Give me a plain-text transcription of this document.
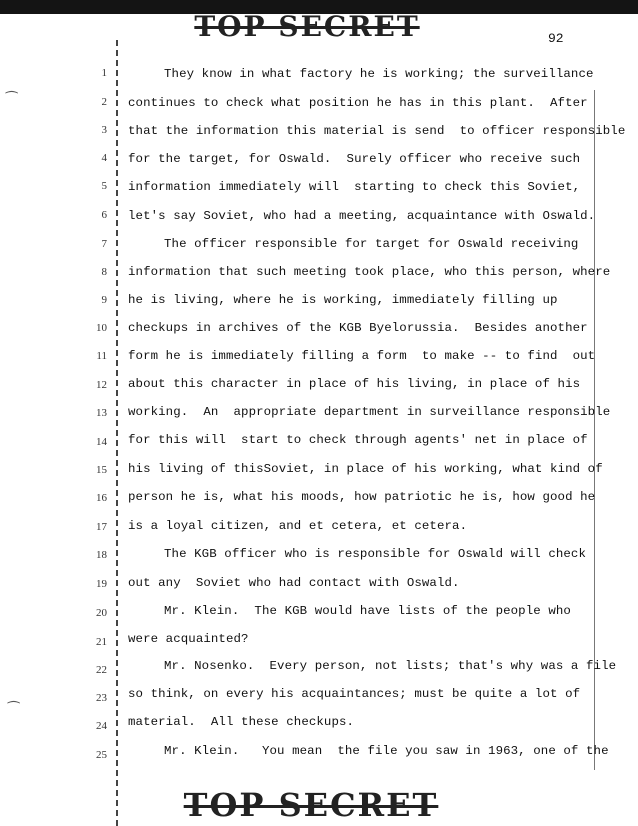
TOP SECRET	92
⁀
⁀
1
2
3
4
5
6
7
8
9
10
11
12
13
14
15
16
17
18
19
20
21
22
23
24
25
They know in what factory he is working; the surveillance
continues to check what position he has in this plant.  After
that the information this material is send  to officer responsible
for the target, for Oswald.  Surely officer who receive such
information immediately will  starting to check this Soviet,
let's say Soviet, who had a meeting, acquaintance with Oswald.
The officer responsible for target for Oswald receiving
information that such meeting took place, who this person, where
he is living, where he is working, immediately filling up
checkups in archives of the KGB Byelorussia.  Besides another
form he is immediately filling a form  to make -- to find  out
about this character in place of his living, in place of his
working.  An  appropriate department in surveillance responsible
for this will  start to check through agents' net in place of
his living of thisSoviet, in place of his working, what kind of
person he is, what his moods, how patriotic he is, how good he
is a loyal citizen, and et cetera, et cetera.
The KGB officer who is responsible for Oswald will check
out any  Soviet who had contact with Oswald.
Mr. Klein.  The KGB would have lists of the people who
were acquainted?
Mr. Nosenko.  Every person, not lists; that's why was a file
so think, on every his acquaintances; must be quite a lot of
material.  All these checkups.
Mr. Klein.   You mean  the file you saw in 1963, one of the
TOP SECRET
